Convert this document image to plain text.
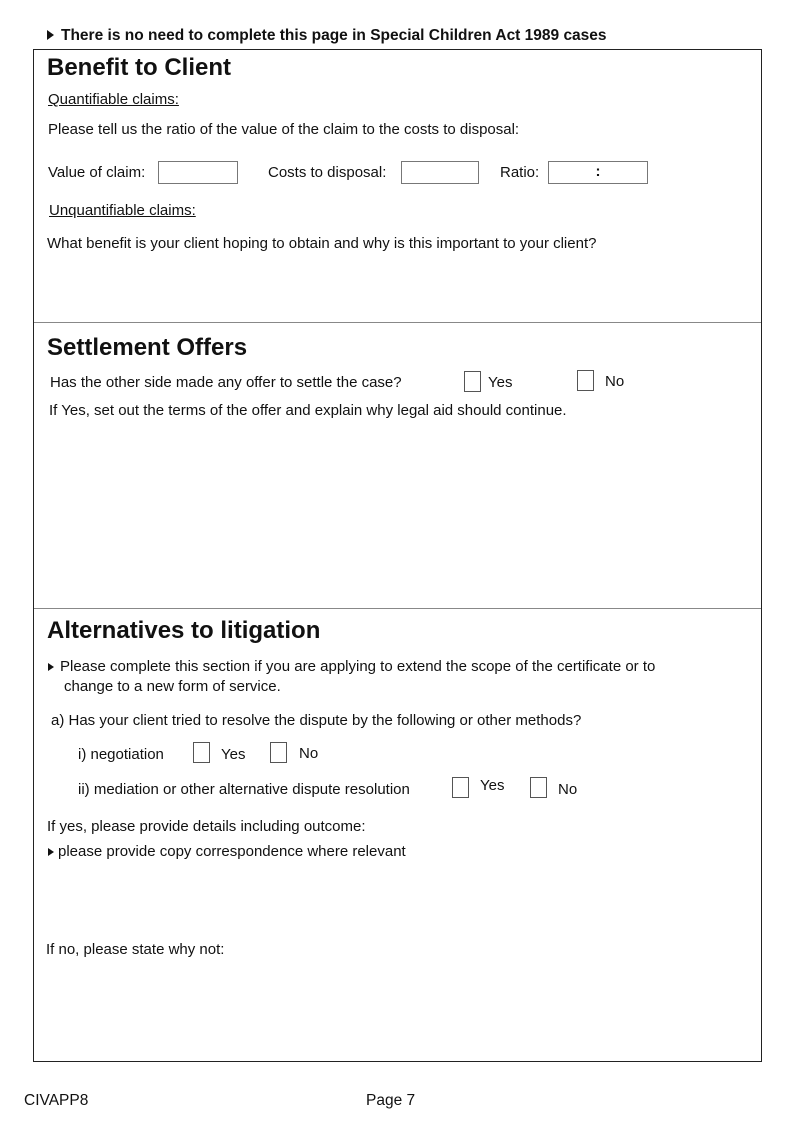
There is no need to complete this page in Special Children Act 1989 cases
Benefit to Client
Quantifiable claims:
Please tell us the ratio of the value of the claim to the costs to disposal:
Value of claim:	Costs to disposal:	Ratio:	:
Unquantifiable claims:
What benefit is your client hoping to obtain and why is this important to your client?
Settlement Offers
Has the other side made any offer to settle the case?	Yes	No
If Yes, set out the terms of the offer and explain why legal aid should continue.
Alternatives to litigation
Please complete this section if you are applying to extend the scope of the certificate or to
change to a new form of service.
a) Has your client tried to resolve the dispute by the following or other methods?
i) negotiation	Yes	No
ii) mediation or other alternative dispute resolution	Yes	No
If yes, please provide details including outcome:
please provide copy correspondence where relevant
If no, please state why not:
CIVAPP8	Page 7
